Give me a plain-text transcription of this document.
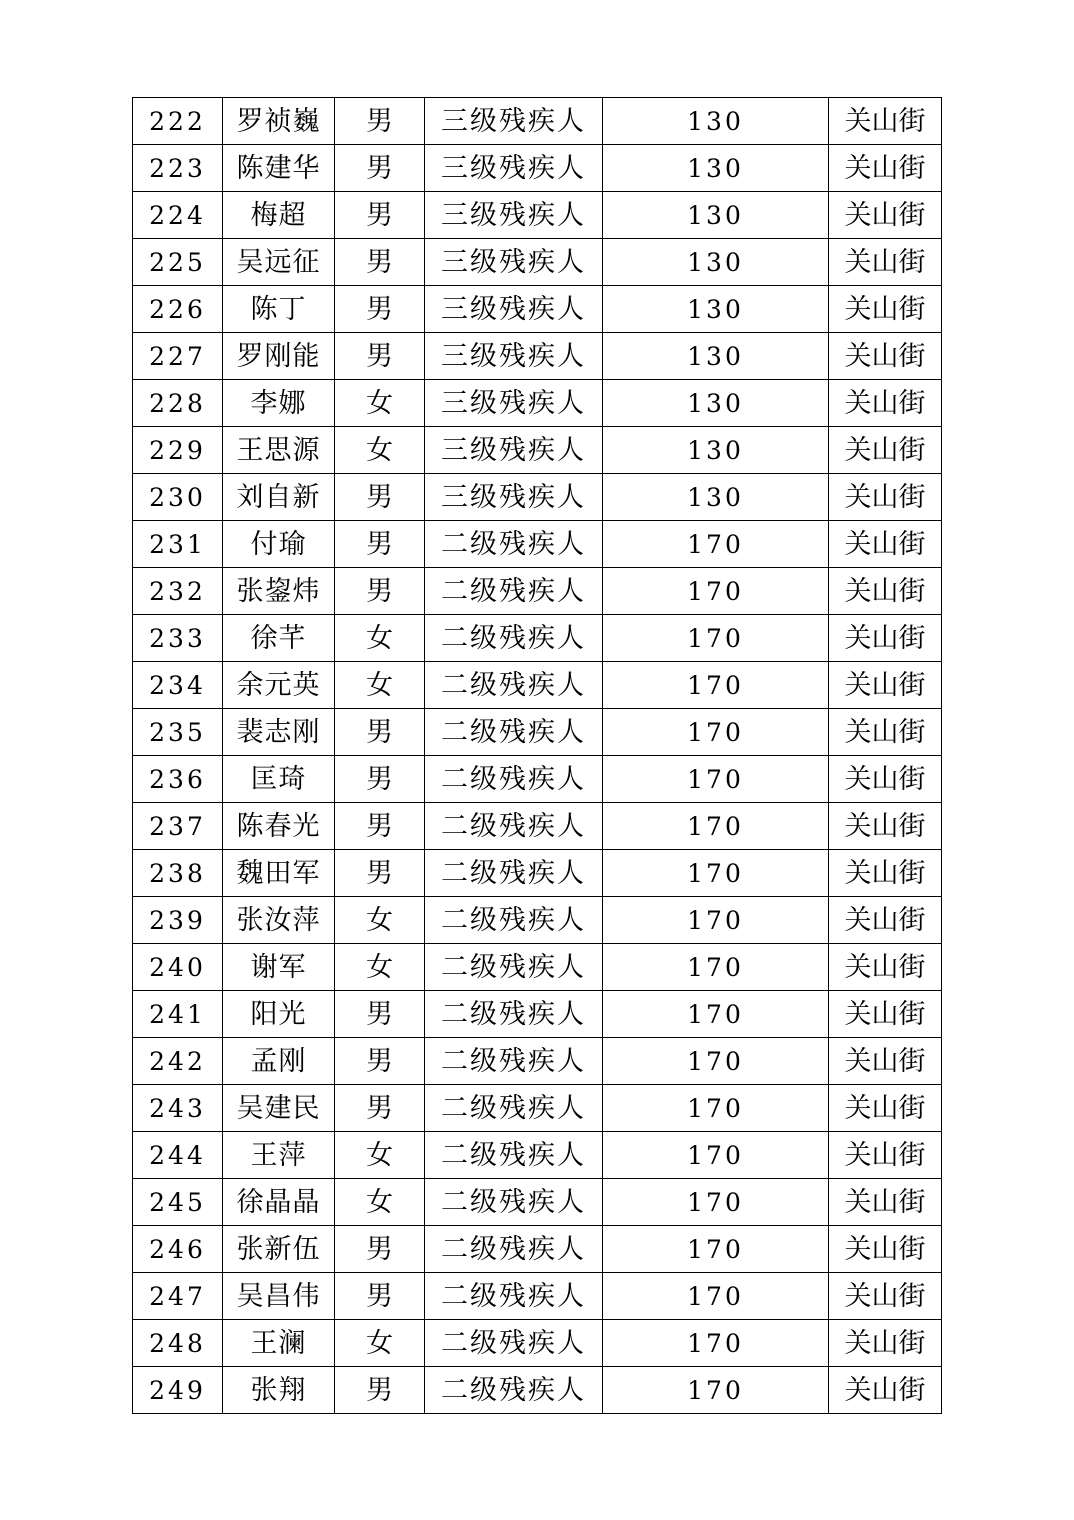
222	罗祯巍	男	三级残疾人	130	关山街
223	陈建华	男	三级残疾人	130	关山街
224	梅超	男	三级残疾人	130	关山街
225	吴远征	男	三级残疾人	130	关山街
226	陈丁	男	三级残疾人	130	关山街
227	罗刚能	男	三级残疾人	130	关山街
228	李娜	女	三级残疾人	130	关山街
229	王思源	女	三级残疾人	130	关山街
230	刘自新	男	三级残疾人	130	关山街
231	付瑜	男	二级残疾人	170	关山街
232	张鋆炜	男	二级残疾人	170	关山街
233	徐芊	女	二级残疾人	170	关山街
234	余元英	女	二级残疾人	170	关山街
235	裴志刚	男	二级残疾人	170	关山街
236	匡琦	男	二级残疾人	170	关山街
237	陈春光	男	二级残疾人	170	关山街
238	魏田军	男	二级残疾人	170	关山街
239	张汝萍	女	二级残疾人	170	关山街
240	谢军	女	二级残疾人	170	关山街
241	阳光	男	二级残疾人	170	关山街
242	孟刚	男	二级残疾人	170	关山街
243	吴建民	男	二级残疾人	170	关山街
244	王萍	女	二级残疾人	170	关山街
245	徐晶晶	女	二级残疾人	170	关山街
246	张新伍	男	二级残疾人	170	关山街
247	吴昌伟	男	二级残疾人	170	关山街
248	王澜	女	二级残疾人	170	关山街
249	张翔	男	二级残疾人	170	关山街
